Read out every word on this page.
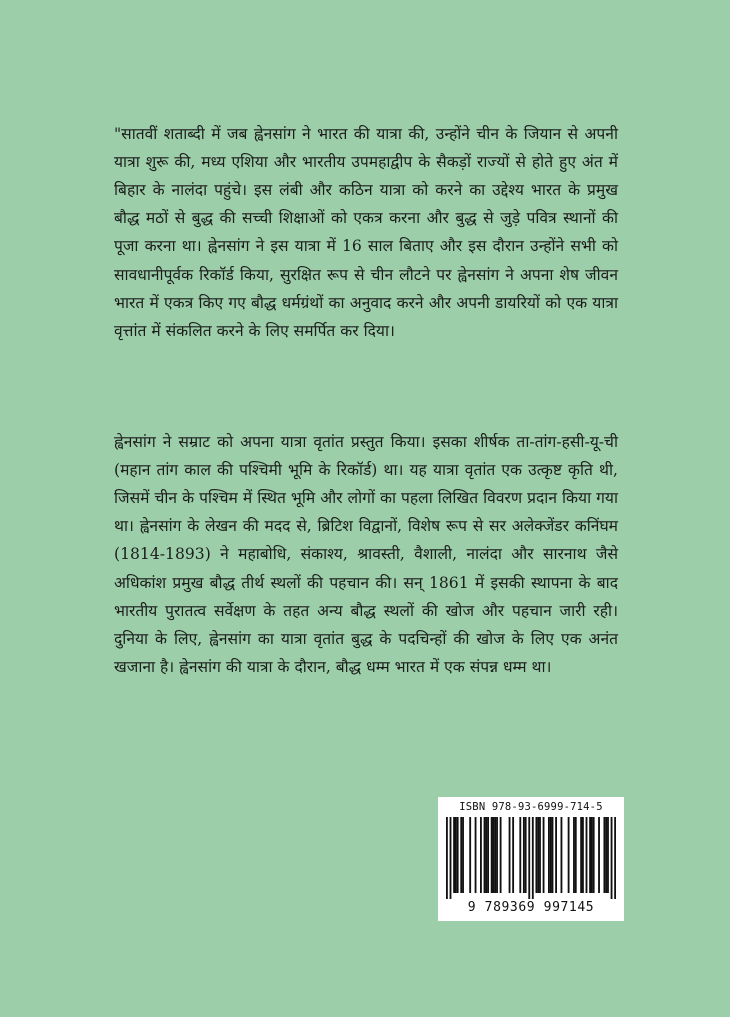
"सातवीं शताब्दी में जब ह्वेनसांग ने भारत की यात्रा की, उन्होंने चीन के जियान से अपनी यात्रा शुरू की, मध्य एशिया और भारतीय उपमहाद्वीप के सैकड़ों राज्यों से होते हुए अंत में बिहार के नालंदा पहुंचे। इस लंबी और कठिन यात्रा को करने का उद्देश्य भारत के प्रमुख बौद्ध मठों से बुद्ध की सच्ची शिक्षाओं को एकत्र करना और बुद्ध से जुड़े पवित्र स्थानों की पूजा करना था। ह्वेनसांग ने इस यात्रा में 16 साल बिताए और इस दौरान उन्होंने सभी को सावधानीपूर्वक रिकॉर्ड किया, सुरक्षित रूप से चीन लौटने पर ह्वेनसांग ने अपना शेष जीवन भारत में एकत्र किए गए बौद्ध धर्मग्रंथों का अनुवाद करने और अपनी डायरियों को एक यात्रा वृत्तांत में संकलित करने के लिए समर्पित कर दिया।

ह्वेनसांग ने सम्राट को अपना यात्रा वृतांत प्रस्तुत किया। इसका शीर्षक ता-तांग-हसी-यू-ची (महान तांग काल की पश्चिमी भूमि के रिकॉर्ड) था। यह यात्रा वृतांत एक उत्कृष्ट कृति थी, जिसमें चीन के पश्चिम में स्थित भूमि और लोगों का पहला लिखित विवरण प्रदान किया गया था। ह्वेनसांग के लेखन की मदद से, ब्रिटिश विद्वानों, विशेष रूप से सर अलेक्जेंडर कनिंघम (1814-1893) ने महाबोधि, संकाश्य, श्रावस्ती, वैशाली, नालंदा और सारनाथ जैसे अधिकांश प्रमुख बौद्ध तीर्थ स्थलों की पहचान की। सन् 1861 में इसकी स्थापना के बाद भारतीय पुरातत्व सर्वेक्षण के तहत अन्य बौद्ध स्थलों की खोज और पहचान जारी रही। दुनिया के लिए, ह्वेनसांग का यात्रा वृतांत बुद्ध के पदचिन्हों की खोज के लिए एक अनंत खजाना है। ह्वेनसांग की यात्रा के दौरान, बौद्ध धम्म भारत में एक संपन्न धम्म था।

ISBN 978-93-6999-714-5
9 789369 997145
